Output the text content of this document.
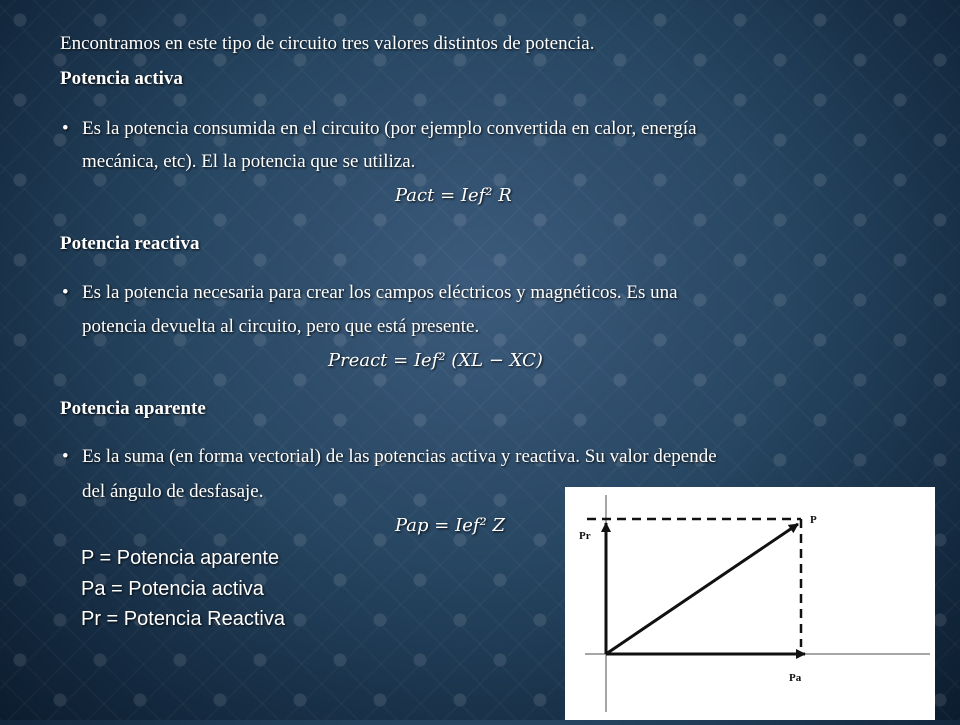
Encontramos en este tipo de circuito tres valores distintos de potencia.
Potencia activa
• Es la potencia consumida en el circuito (por ejemplo convertida en calor, energía
mecánica, etc). El la potencia que se utiliza.
Pact = Ief² R
Potencia reactiva
• Es la potencia necesaria para crear los campos eléctricos y magnéticos. Es una
potencia devuelta al circuito, pero que está presente.
Preact = Ief² (XL − XC)
Potencia aparente
• Es la suma (en forma vectorial) de las potencias activa y reactiva. Su valor depende
del ángulo de desfasaje.
Pap = Ief² Z
P = Potencia aparente
Pa = Potencia activa
Pr = Potencia Reactiva
P
Pr
Pa
